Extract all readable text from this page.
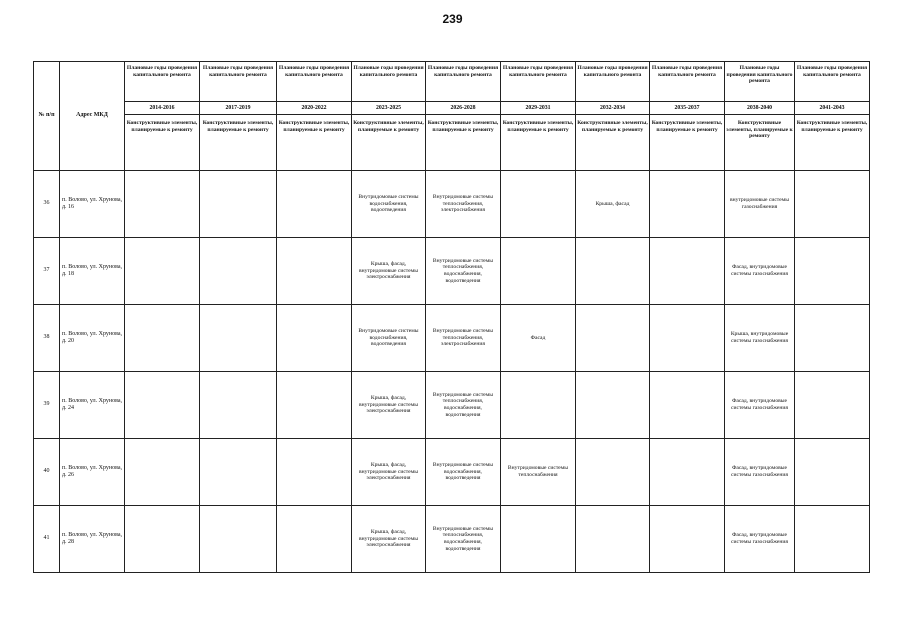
239
№ п/п	Адрес МКД	Плановые годы проведения капитального ремонта	Плановые годы проведения капитального ремонта	Плановые годы проведения капитального ремонта	Плановые годы проведения капитального ремонта	Плановые годы проведения капитального ремонта	Плановые годы проведения капитального ремонта	Плановые годы проведения капитального ремонта	Плановые годы проведения капитального ремонта	Плановые годы проведения капитального ремонта	Плановые годы проведения капитального ремонта
		2014-2016	2017-2019	2020-2022	2023-2025	2026-2028	2029-2031	2032-2034	2035-2037	2038-2040	2041-2043
		Конструктивные элементы, планируемые к ремонту	Конструктивные элементы, планируемые к ремонту	Конструктивные элементы, планируемые к ремонту	Конструктивные элементы, планируемые к ремонту	Конструктивные элементы, планируемые к ремонту	Конструктивные элементы, планируемые к ремонту	Конструктивные элементы, планируемые к ремонту	Конструктивные элементы, планируемые к ремонту	Конструктивные элементы, планируемые к ремонту	Конструктивные элементы, планируемые к ремонту
36	п. Волово, ул. Хрунова, д. 16				Внутридомовые системы водоснабжения, водоотведения	Внутридомовые системы теплоснабжения, электроснабжения		Крыша, фасад		внутридомовые системы газоснабжения	
37	п. Волово, ул. Хрунова, д. 18				Крыша, фасад, внутридомовые системы электроснабжения	Внутридомовые системы теплоснабжения, водоснабжения, водоотведения				Фасад, внутридомовые системы газоснабжения	
38	п. Волово, ул. Хрунова, д. 20				Внутридомовые системы водоснабжения, водоотведения	Внутридомовые системы теплоснабжения, электроснабжения	Фасад			Крыша, внутридомовые системы газоснабжения	
39	п. Волово, ул. Хрунова, д. 24				Крыша, фасад, внутридомовые системы электроснабжения	Внутридомовые системы теплоснабжения, водоснабжения, водоотведения				Фасад, внутридомовые системы газоснабжения	
40	п. Волово, ул. Хрунова, д. 26				Крыша, фасад, внутридомовые системы электроснабжения	Внутридомовые системы водоснабжения, водоотведения	Внутридомовые системы теплоснабжения			Фасад, внутридомовые системы газоснабжения	
41	п. Волово, ул. Хрунова, д. 28				Крыша, фасад, внутридомовые системы электроснабжения	Внутридомовые системы теплоснабжения, водоснабжения, водоотведения				Фасад, внутридомовые системы газоснабжения	
